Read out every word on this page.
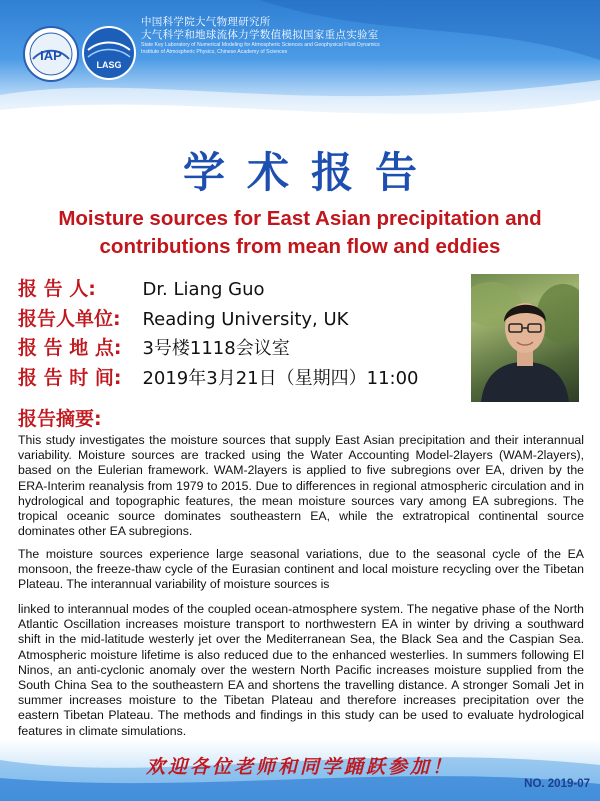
IAP
LASG
中国科学院大气物理研究所
大气科学和地球流体力学数值模拟国家重点实验室
State Key Laboratory of Numerical Modeling for Atmospheric Sciences and Geophysical Fluid Dynamics
Institute of Atmospheric Physics, Chinese Academy of Sciences
学术报告
Moisture sources for East Asian precipitation and
contributions from mean flow and eddies
报 告 人:	Dr. Liang Guo
报告人单位: Reading University, UK
报 告 地 点: 3号楼1118会议室
报 告 时 间: 2019年3月21日（星期四）11:00
报告摘要:

This study investigates the moisture sources that supply East Asian precipitation and their interannual variability. Moisture sources are tracked using the Water Accounting Model-2layers (WAM-2layers), based on the Eulerian framework. WAM-2layers is applied to five subregions over EA, driven by the ERA-Interim reanalysis from 1979 to 2015. Due to differences in regional atmospheric circulation and in hydrological and topographic features, the mean moisture sources vary among EA subregions. The tropical oceanic source dominates southeastern EA, while the extratropical continental source dominates other EA subregions.

The moisture sources experience large seasonal variations, due to the seasonal cycle of the EA monsoon, the freeze-thaw cycle of the Eurasian continent and local moisture recycling over the Tibetan Plateau. The interannual variability of moisture sources is

linked to interannual modes of the coupled ocean-atmosphere system. The negative phase of the North Atlantic Oscillation increases moisture transport to northwestern EA in winter by driving a southward shift in the mid-latitude westerly jet over the Mediterranean Sea, the Black Sea and the Caspian Sea. Atmospheric moisture lifetime is also reduced due to the enhanced westerlies. In summers following El Ninos, an anti-cyclonic anomaly over the western North Pacific increases moisture supplied from the South China Sea to the southeastern EA and shortens the travelling distance. A stronger Somali Jet in summer increases moisture to the Tibetan Plateau and therefore increases precipitation over the eastern Tibetan Plateau. The methods and findings in this study can be used to evaluate hydrological features in climate simulations.

欢迎各位老师和同学踊跃参加！
NO. 2019-07
